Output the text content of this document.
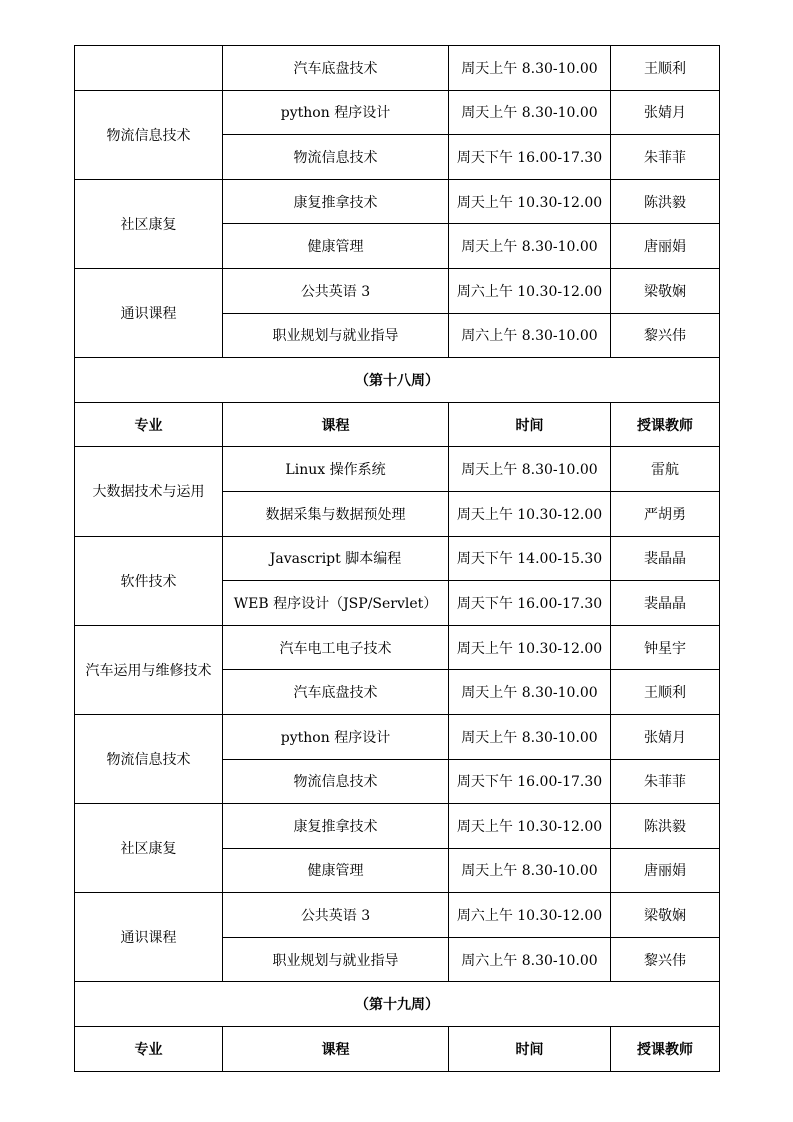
	汽车底盘技术	周天上午 8.30-10.00	王顺利
物流信息技术	python 程序设计	周天上午 8.30-10.00	张婧月
	物流信息技术	周天下午 16.00-17.30	朱菲菲
社区康复	康复推拿技术	周天上午 10.30-12.00	陈洪毅
	健康管理	周天上午 8.30-10.00	唐丽娟
通识课程	公共英语 3	周六上午 10.30-12.00	梁敬娴
	职业规划与就业指导	周六上午 8.30-10.00	黎兴伟
（第十八周）			
专业	课程	时间	授课教师
大数据技术与运用	Linux 操作系统	周天上午 8.30-10.00	雷航
	数据采集与数据预处理	周天上午 10.30-12.00	严胡勇
软件技术	Javascript 脚本编程	周天下午 14.00-15.30	裴晶晶
	WEB 程序设计（JSP/Servlet）	周天下午 16.00-17.30	裴晶晶
汽车运用与维修技术	汽车电工电子技术	周天上午 10.30-12.00	钟星宇
	汽车底盘技术	周天上午 8.30-10.00	王顺利
物流信息技术	python 程序设计	周天上午 8.30-10.00	张婧月
	物流信息技术	周天下午 16.00-17.30	朱菲菲
社区康复	康复推拿技术	周天上午 10.30-12.00	陈洪毅
	健康管理	周天上午 8.30-10.00	唐丽娟
通识课程	公共英语 3	周六上午 10.30-12.00	梁敬娴
	职业规划与就业指导	周六上午 8.30-10.00	黎兴伟
（第十九周）			
专业	课程	时间	授课教师
